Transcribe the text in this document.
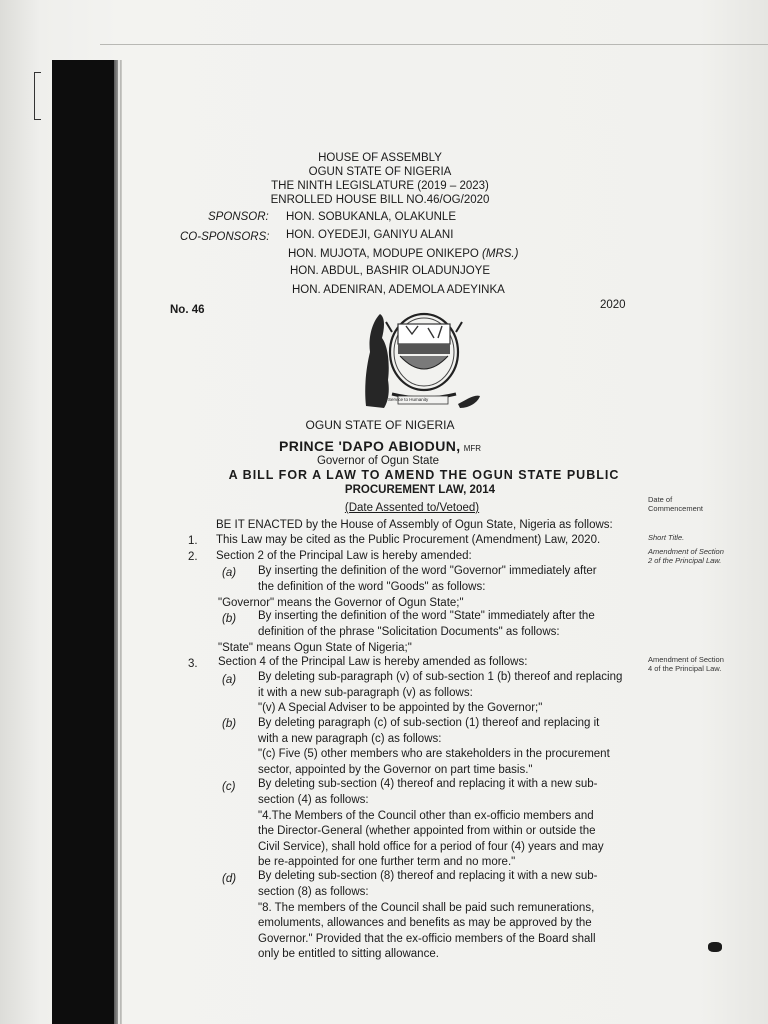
HOUSE OF ASSEMBLY
OGUN STATE OF NIGERIA
THE NINTH LEGISLATURE (2019 – 2023)
ENROLLED HOUSE BILL NO.46/OG/2020
SPONSOR: HON. SOBUKANLA, OLAKUNLE
CO-SPONSORS: HON. OYEDEJI, GANIYU ALANI
HON. MUJOTA, MODUPE ONIKEPO (MRS.)
HON. ABDUL, BASHIR OLADUNJOYE
HON. ADENIRAN, ADEMOLA ADEYINKA
No. 46	2020
Service to Humanity
OGUN STATE OF NIGERIA
PRINCE 'DAPO ABIODUN, MFR
Governor of Ogun State
A BILL FOR A LAW TO AMEND THE OGUN STATE PUBLIC
PROCUREMENT LAW, 2014
(Date Assented to/Vetoed)
BE IT ENACTED by the House of Assembly of Ogun State, Nigeria as follows:
1. This Law may be cited as the Public Procurement (Amendment) Law, 2020.
2. Section 2 of the Principal Law is hereby amended:
(a) By inserting the definition of the word "Governor" immediately after
the definition of the word "Goods" as follows:
"Governor" means the Governor of Ogun State;"
(b) By inserting the definition of the word "State" immediately after the
definition of the phrase "Solicitation Documents" as follows:
"State" means Ogun State of Nigeria;"
3. Section 4 of the Principal Law is hereby amended as follows:
(a) By deleting sub-paragraph (v) of sub-section 1 (b) thereof and replacing
it with a new sub-paragraph (v) as follows:
"(v) A Special Adviser to be appointed by the Governor;"
(b) By deleting paragraph (c) of sub-section (1) thereof and replacing it
with a new paragraph (c) as follows:
"(c) Five (5) other members who are stakeholders in the procurement
sector, appointed by the Governor on part time basis."
(c) By deleting sub-section (4) thereof and replacing it with a new sub-
section (4) as follows:
"4.The Members of the Council other than ex-officio members and
the Director-General (whether appointed from within or outside the
Civil Service), shall hold office for a period of four (4) years and may
be re-appointed for one further term and no more."
(d) By deleting sub-section (8) thereof and replacing it with a new sub-
section (8) as follows:
"8. The members of the Council shall be paid such remunerations,
emoluments, allowances and benefits as may be approved by the
Governor." Provided that the ex-officio members of the Board shall
only be entitled to sitting allowance.
Date of
Commencement
Short Title.
Amendment of Section
2 of the Principal Law.
Amendment of Section
4 of the Principal Law.
